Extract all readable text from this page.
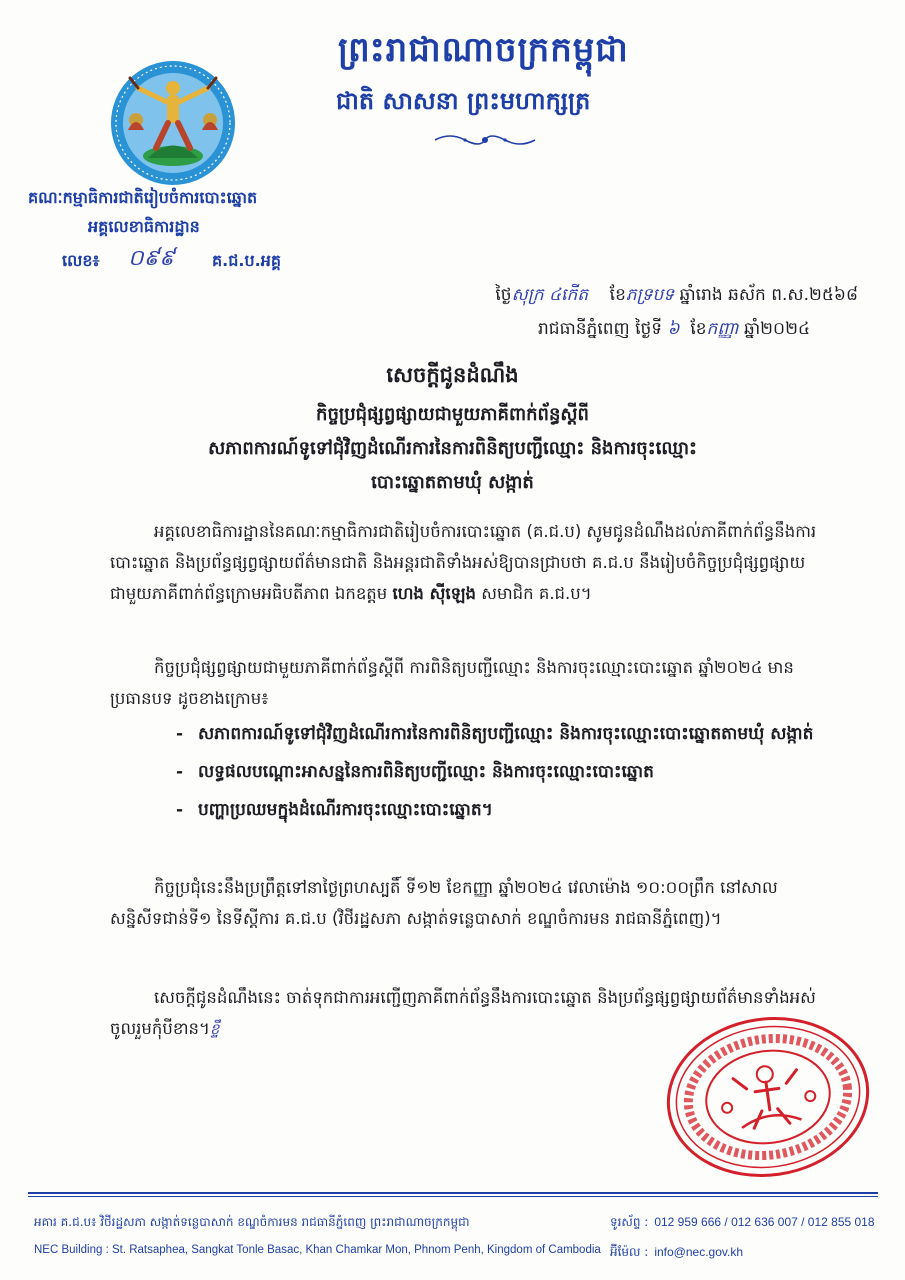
ព្រះរាជាណាចក្រកម្ពុជា
ជាតិ សាសនា ព្រះមហាក្សត្រ
គណៈកម្មាធិការជាតិរៀបចំការបោះឆ្នោត
អគ្គលេខាធិការដ្ឋាន
លេខ៖ ០៩៩ គ.ជ.ប.អគ្គ
ថ្ងៃសុក្រ ៤កើត ខែភទ្របទ ឆ្នាំរោង ឆស័ក ព.ស.២៥៦៨
រាជធានីភ្នំពេញ ថ្ងៃទី ៦ ខែកញ្ញា ឆ្នាំ២០២៤
សេចក្តីជូនដំណឹង
កិច្ចប្រជុំផ្សព្វផ្សាយជាមួយភាគីពាក់ព័ន្ធស្តីពី
សភាពការណ៍ទូទៅជុំវិញដំណើរការនៃការពិនិត្យបញ្ជីឈ្មោះ និងការចុះឈ្មោះ
បោះឆ្នោតតាមឃុំ សង្កាត់
អគ្គលេខាធិការដ្ឋាននៃគណៈកម្មាធិការជាតិរៀបចំការបោះឆ្នោត (គ.ជ.ប) សូមជូនដំណឹងដល់ភាគីពាក់ព័ន្ធនឹងការបោះឆ្នោត និងប្រព័ន្ធផ្សព្វផ្សាយព័ត៌មានជាតិ និងអន្តរជាតិទាំងអស់ឱ្យបានជ្រាបថា គ.ជ.ប នឹងរៀបចំកិច្ចប្រជុំផ្សព្វផ្សាយជាមួយភាគីពាក់ព័ន្ធក្រោមអធិបតីភាព ឯកឧត្តម ហេង ស៊ីឡេង សមាជិក គ.ជ.ប។
កិច្ចប្រជុំផ្សព្វផ្សាយជាមួយភាគីពាក់ព័ន្ធស្តីពី ការពិនិត្យបញ្ជីឈ្មោះ និងការចុះឈ្មោះបោះឆ្នោត ឆ្នាំ២០២៤ មានប្រធានបទ ដូចខាងក្រោម៖
- សភាពការណ៍ទូទៅជុំវិញដំណើរការនៃការពិនិត្យបញ្ជីឈ្មោះ និងការចុះឈ្មោះបោះឆ្នោតតាមឃុំ សង្កាត់
- លទ្ធផលបណ្តោះអាសន្ននៃការពិនិត្យបញ្ជីឈ្មោះ និងការចុះឈ្មោះបោះឆ្នោត
- បញ្ហាប្រឈមក្នុងដំណើរការចុះឈ្មោះបោះឆ្នោត។
កិច្ចប្រជុំនេះនឹងប្រព្រឹត្តទៅនាថ្ងៃព្រហស្បតិ៍ ទី១២ ខែកញ្ញា ឆ្នាំ២០២៤ វេលាម៉ោង ១០:០០ព្រឹក នៅសាលសន្និសីទជាន់ទី១ នៃទីស្តីការ គ.ជ.ប (វិថីរដ្ឋសភា សង្កាត់ទន្លេបាសាក់ ខណ្ឌចំការមន រាជធានីភ្នំពេញ)។
សេចក្តីជូនដំណឹងនេះ ចាត់ទុកជាការអញ្ជើញភាគីពាក់ព័ន្ធនឹងការបោះឆ្នោត និងប្រព័ន្ធផ្សព្វផ្សាយព័ត៌មានទាំងអស់ចូលរួមកុំបីខាន។ខ្ទឹ
អគារ គ.ជ.ប៖ វិថីរដ្ឋសភា សង្កាត់ទន្លេបាសាក់ ខណ្ឌចំការមន រាជធានីភ្នំពេញ ព្រះរាជាណាចក្រកម្ពុជា
NEC Building : St. Ratsaphea, Sangkat Tonle Basac, Khan Chamkar Mon, Phnom Penh, Kingdom of Cambodia
ទូរស័ព្ទ : 012 959 666 / 012 636 007 / 012 855 018
អ៊ីម៉ែល : info@nec.gov.kh
